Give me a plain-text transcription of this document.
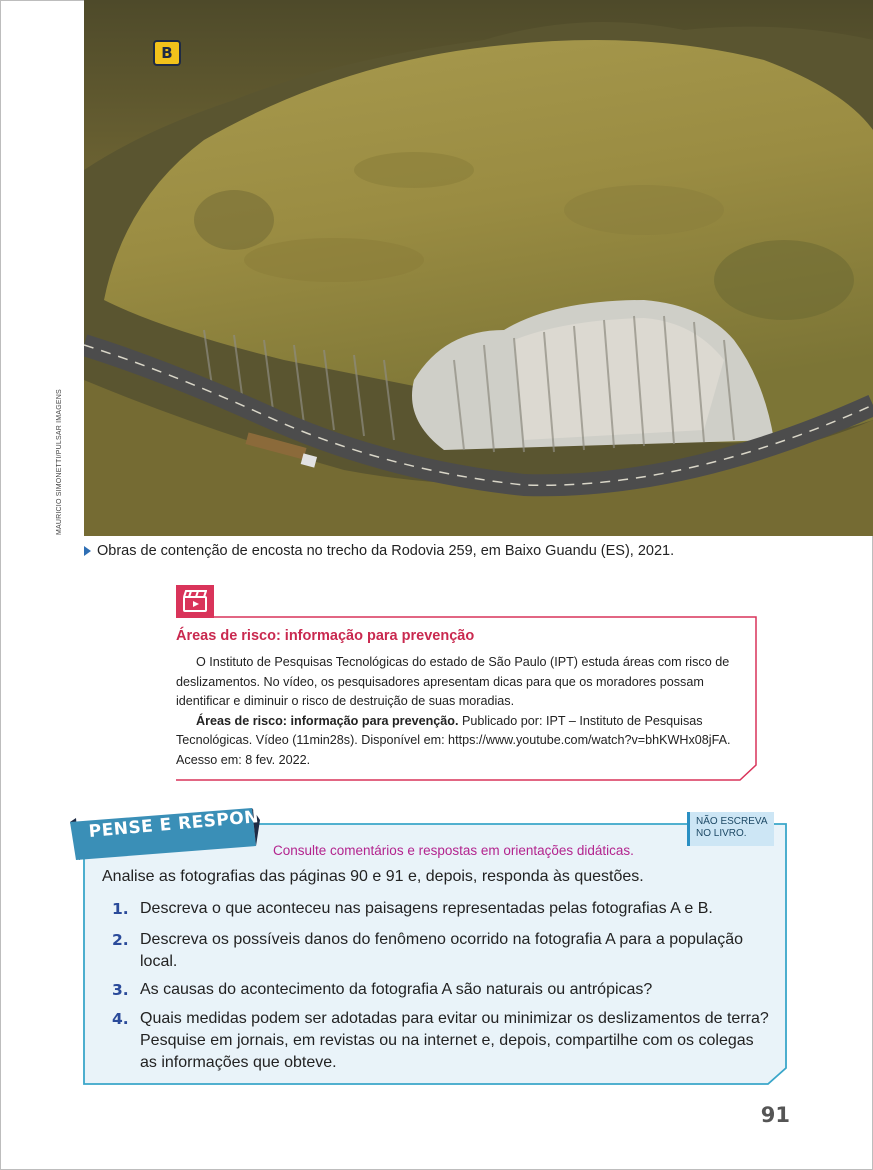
B
MAURICIO SIMONETTI/PULSAR IMAGENS
Obras de contenção de encosta no trecho da Rodovia 259, em Baixo Guandu (ES), 2021.
Áreas de risco: informação para prevenção

O Instituto de Pesquisas Tecnológicas do estado de São Paulo (IPT) estuda áreas com risco de deslizamentos. No vídeo, os pesquisadores apresentam dicas para que os moradores possam identificar e diminuir o risco de destruição de suas moradias.

Áreas de risco: informação para prevenção. Publicado por: IPT – Instituto de Pesquisas Tecnológicas. Vídeo (11min28s). Disponível em: https://www.youtube.com/watch?v=bhKWHx08jFA. Acesso em: 8 fev. 2022.

PENSE E RESPONDA	NÃO ESCREVA
NO LIVRO.
Consulte comentários e respostas em orientações didáticas.
Analise as fotografias das páginas 90 e 91 e, depois, responda às questões.
1. Descreva o que aconteceu nas paisagens representadas pelas fotografias A e B.
2. Descreva os possíveis danos do fenômeno ocorrido na fotografia A para a população local.
3. As causas do acontecimento da fotografia A são naturais ou antrópicas?
4. Quais medidas podem ser adotadas para evitar ou minimizar os deslizamentos de terra? Pesquise em jornais, em revistas ou na internet e, depois, compartilhe com os colegas as informações que obteve.
91
